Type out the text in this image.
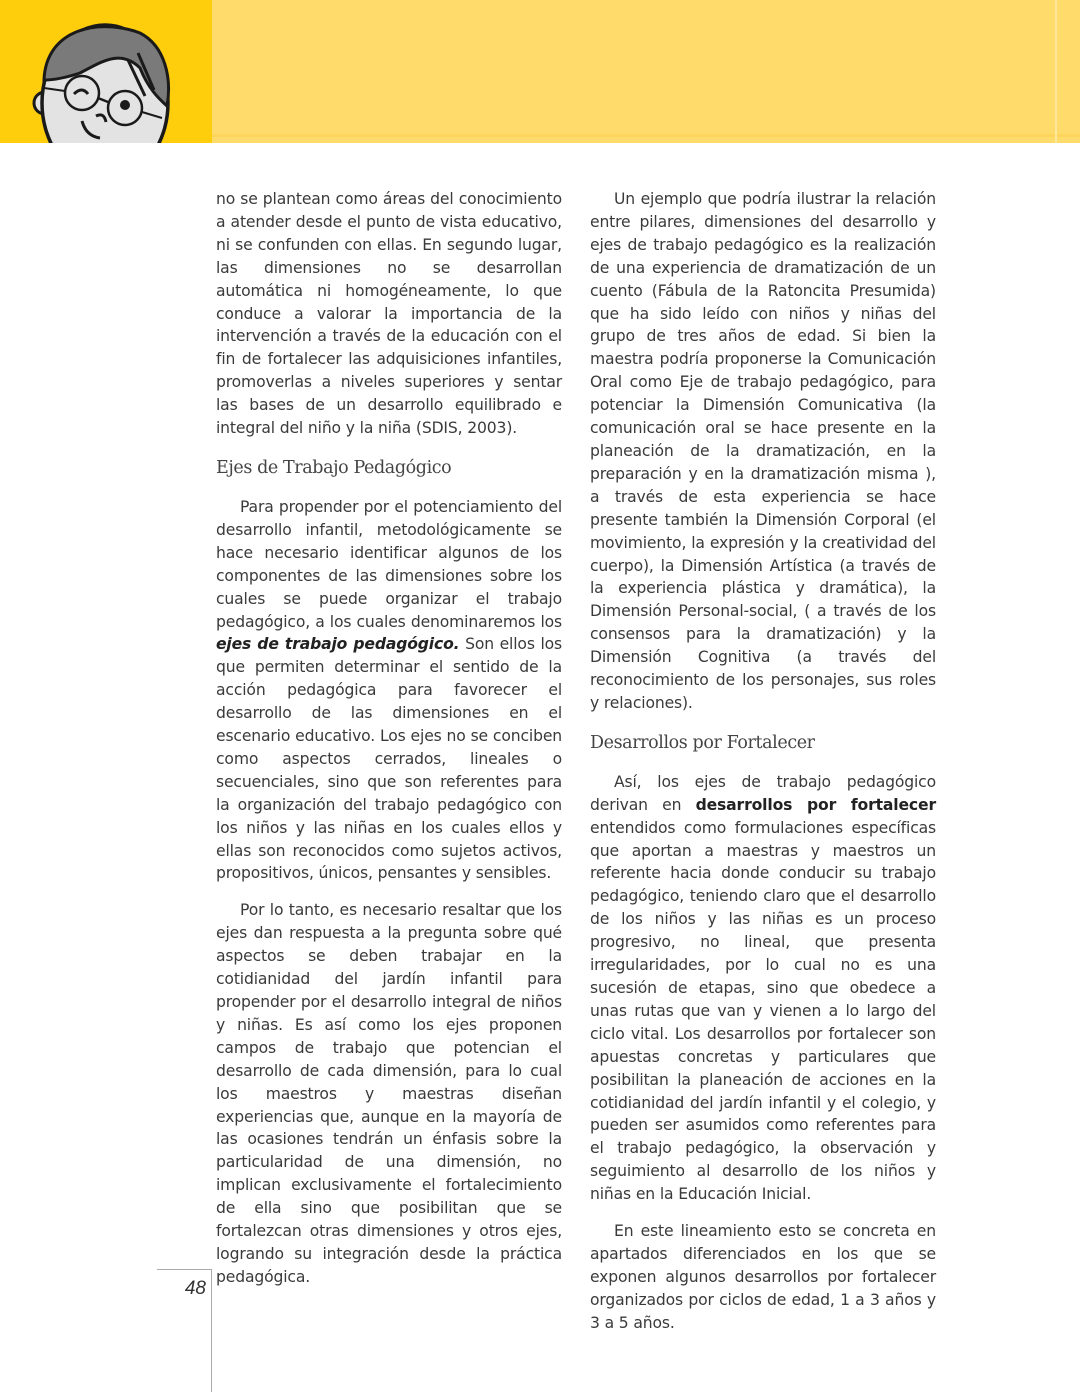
no se plantean como áreas del conocimiento a atender desde el punto de vista educativo, ni se confunden con ellas. En segundo lugar, las dimensiones no se desarrollan automática ni homogéneamente, lo que conduce a valorar la importancia de la intervención a través de la educación con el fin de fortalecer las adquisiciones infantiles, promoverlas a niveles superiores y sentar las bases de un desarrollo equilibrado e integral del niño y la niña (SDIS, 2003).

Ejes de Trabajo Pedagógico

Para propender por el potenciamiento del desarrollo infantil, metodológicamente se hace necesario identificar algunos de los componentes de las dimensiones sobre los cuales se puede organizar el trabajo pedagógico, a los cuales denominaremos los ejes de trabajo pedagógico. Son ellos los que permiten determinar el sentido de la acción pedagógica para favorecer el desarrollo de las dimensiones en el escenario educativo. Los ejes no se conciben como aspectos cerrados, lineales o secuenciales, sino que son referentes para la organización del trabajo pedagógico con los niños y las niñas en los cuales ellos y ellas son reconocidos como sujetos activos, propositivos, únicos, pensantes y sensibles.

Por lo tanto, es necesario resaltar que los ejes dan respuesta a la pregunta sobre qué aspectos se deben trabajar en la cotidianidad del jardín infantil para propender por el desarrollo integral de niños y niñas. Es así como los ejes proponen campos de trabajo que potencian el desarrollo de cada dimensión, para lo cual los maestros y maestras diseñan experiencias que, aunque en la mayoría de las ocasiones tendrán un énfasis sobre la particularidad de una dimensión, no implican exclusivamente el fortalecimiento de ella sino que posibilitan que se fortalezcan otras dimensiones y otros ejes, logrando su integración desde la práctica pedagógica.

Un ejemplo que podría ilustrar la relación entre pilares, dimensiones del desarrollo y ejes de trabajo pedagógico es la realización de una experiencia de dramatización de un cuento (Fábula de la Ratoncita Presumida) que ha sido leído con niños y niñas del grupo de tres años de edad. Si bien la maestra podría proponerse la Comunicación Oral como Eje de trabajo pedagógico, para potenciar la Dimensión Comunicativa (la comunicación oral se hace presente en la planeación de la dramatización, en la preparación y en la dramatización misma ), a través de esta experiencia se hace presente también la Dimensión Corporal (el movimiento, la expresión y la creatividad del cuerpo), la Dimensión Artística (a través de la experiencia plástica y dramática), la Dimensión Personal-social, ( a través de los consensos para la dramatización) y la Dimensión Cognitiva (a través del reconocimiento de los personajes, sus roles y relaciones).

Desarrollos por Fortalecer

Así, los ejes de trabajo pedagógico derivan en desarrollos por fortalecer entendidos como formulaciones específicas que aportan a maestras y maestros un referente hacia donde conducir su trabajo pedagógico, teniendo claro que el desarrollo de los niños y las niñas es un proceso progresivo, no lineal, que presenta irregularidades, por lo cual no es una sucesión de etapas, sino que obedece a unas rutas que van y vienen a lo largo del ciclo vital. Los desarrollos por fortalecer son apuestas concretas y particulares que posibilitan la planeación de acciones en la cotidianidad del jardín infantil y el colegio, y pueden ser asumidos como referentes para el trabajo pedagógico, la observación y seguimiento al desarrollo de los niños y niñas en la Educación Inicial.

En este lineamiento esto se concreta en apartados diferenciados en los que se exponen algunos desarrollos por fortalecer organizados por ciclos de edad, 1 a 3 años y 3 a 5 años.

48
